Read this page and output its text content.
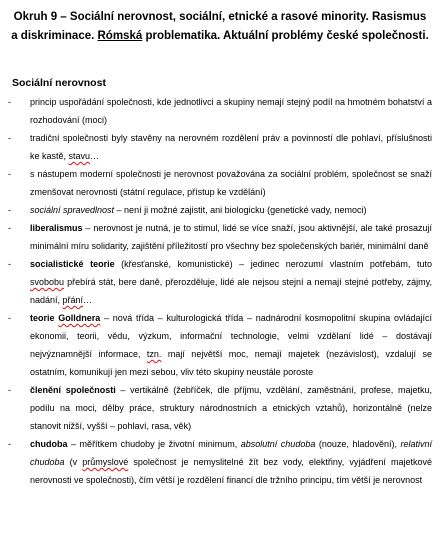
Okruh 9 – Sociální nerovnost, sociální, etnické a rasové minority. Rasismus a diskriminace. Rómská problematika. Aktuální problémy české společnosti.
Sociální nerovnost
-	princip uspořádání společnosti, kde jednotlivci a skupiny nemají stejný podíl na hmotném bohatství a rozhodování (moci)
-	tradiční společnosti byly stavěny na nerovném rozdělení práv a povinností dle pohlaví, příslušnosti ke kastě, stavu…
-	s nástupem moderní společnosti je nerovnost považována za sociální problém, společnost se snaží zmenšovat nerovnosti (státní regulace, přístup ke vzdělání)
-	sociální spravedlnost – není ji možné zajistit, ani biologicku (genetické vady, nemoci)
-	liberalismus – nerovnost je nutná, je to stimul, lidé se více snaží, jsou aktivnější, ale také prosazují minimální míru solidarity, zajištění příležitostí pro všechny bez společenských bariér, minimální daně
-	socialistické teorie (křesťanské, komunistické) – jedinec nerozumí vlastním potřebám, tuto svobobu přebírá stát, bere daně, přerozděluje, lidé ale nejsou stejní a nemají stejné potřeby, zájmy, nadání, přání…
-	teorie Golldnera – nová třída – kulturologická třída – nadnárodní kosmopolitní skupina ovládající ekonomii, teorii, vědu, výzkum, informační technologie, velmi vzdělaní lidé – dostávají nejvýznamnější informace, tzn. mají největší moc, nemají majetek (nezávislost), vzdalují se ostatním, komunikují jen mezi sebou, vliv této skupiny neustále poroste
-	členění společnosti – vertikálně (žebříček, dle příjmu, vzdělání, zaměstnání, profese, majetku, podílu na moci, dělby práce, struktury národnostních a etnických vztahů), horizontálně (nelze stanovit nižší, vyšší – pohlaví, rasa, věk)
-	chudoba – měřítkem chudoby je životní minimum, absolutní chudoba (nouze, hladovění), relativní chudoba (v průmyslové společnost je nemyslitelné žít bez vody, elektřiny, vyjádření majetkové nerovnosti ve společnosti), čím větší je rozdělení financí dle tržního principu, tím větší je nerovnost
